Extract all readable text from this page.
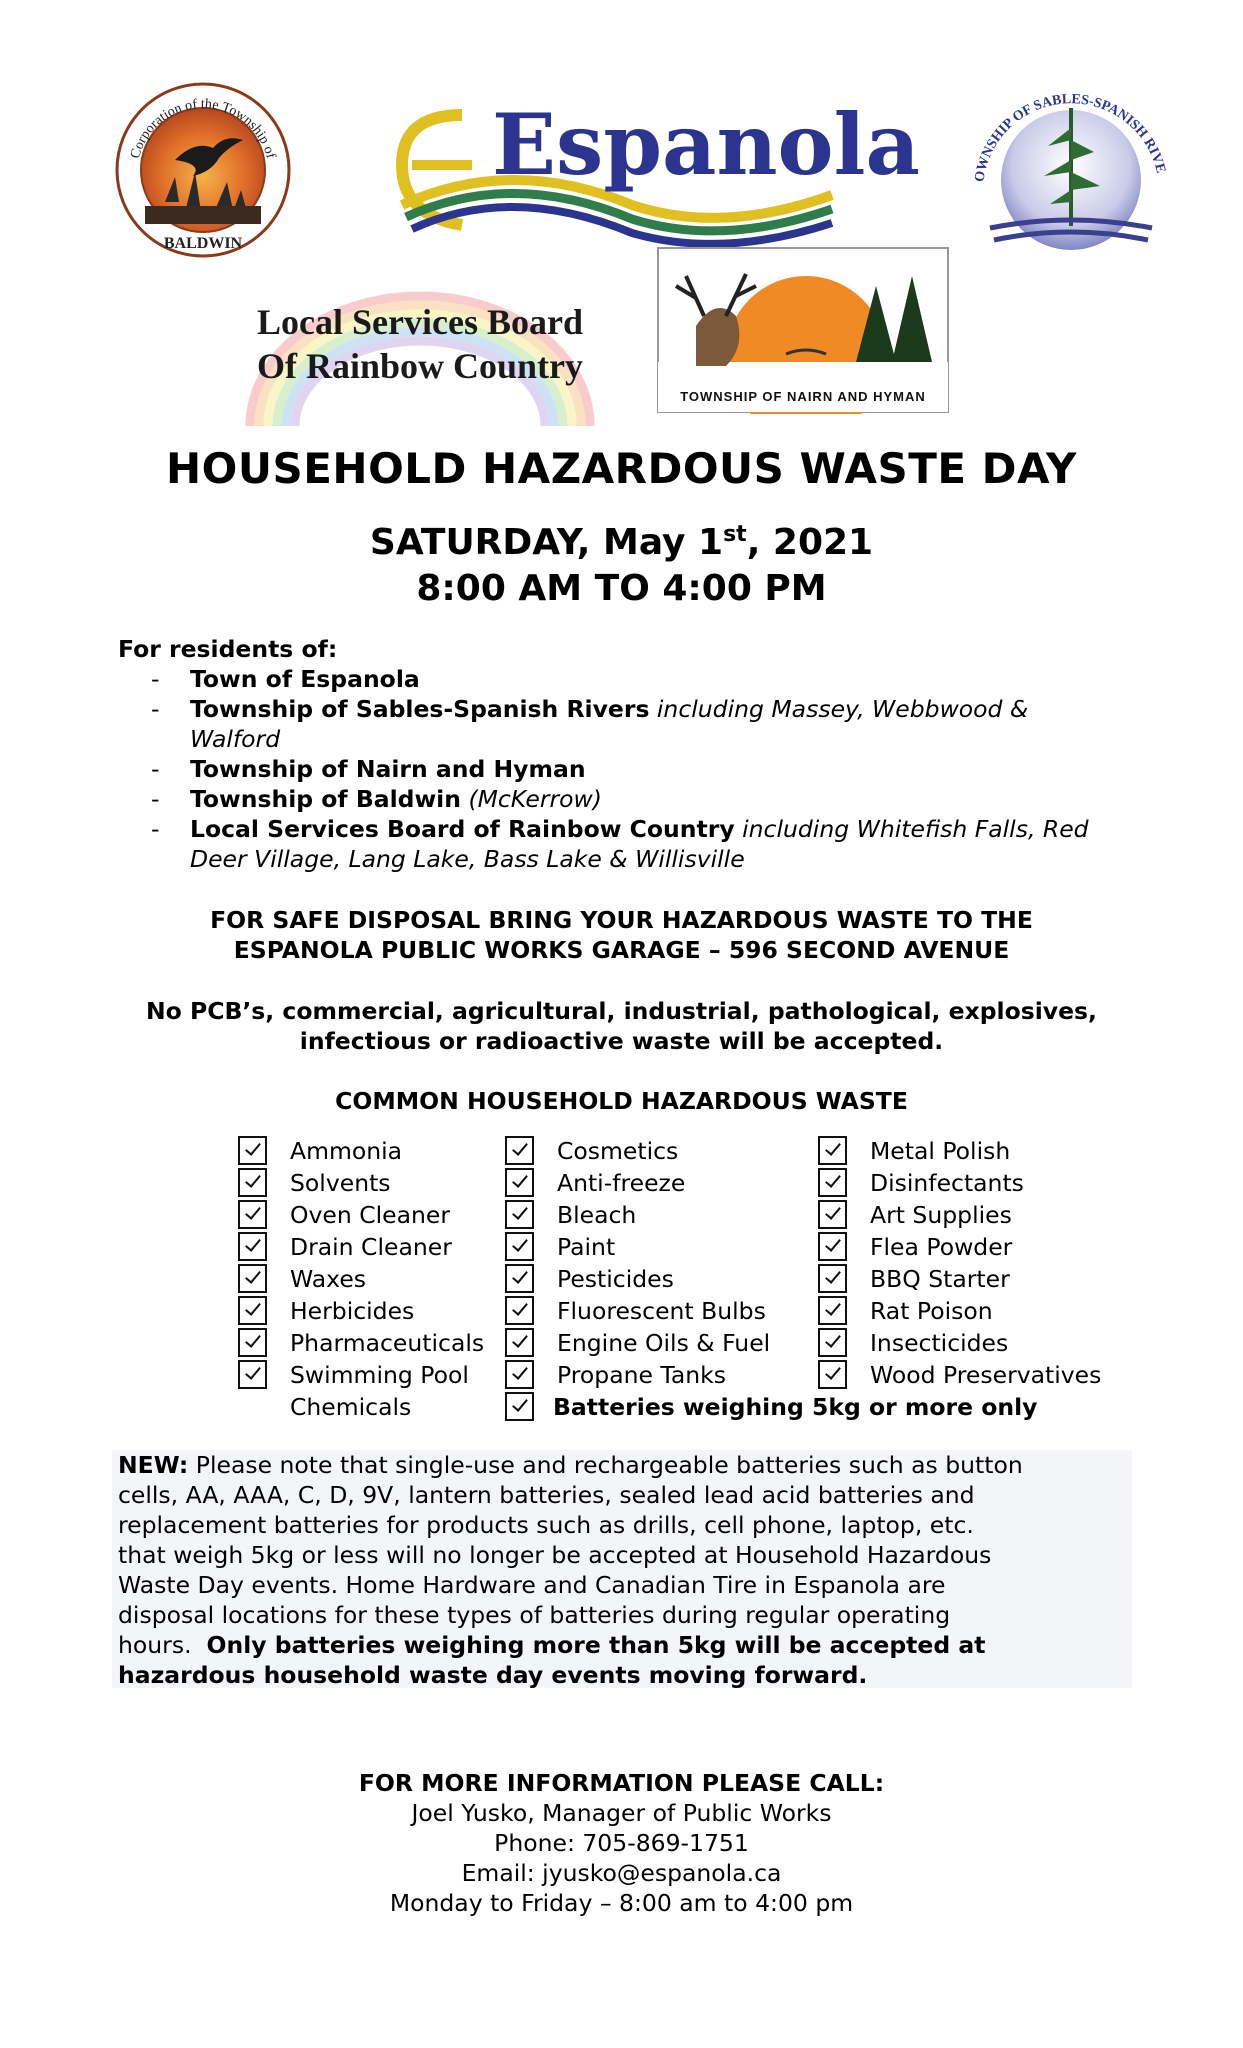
Corporation of the Township of
BALDWIN
Espanola	OWNSHIP OF SABLES-SPANISH RIVE
Local Services Board
Of Rainbow Country
TOWNSHIP OF NAIRN AND HYMAN
HOUSEHOLD HAZARDOUS WASTE DAY
SATURDAY, May 1st, 2021
8:00 AM TO 4:00 PM
For residents of:
- Town of Espanola
- Township of Sables-Spanish Rivers including Massey, Webbwood &
Walford
- Township of Nairn and Hyman
- Township of Baldwin (McKerrow)
- Local Services Board of Rainbow Country including Whitefish Falls, Red
Deer Village, Lang Lake, Bass Lake & Willisville
FOR SAFE DISPOSAL BRING YOUR HAZARDOUS WASTE TO THE
ESPANOLA PUBLIC WORKS GARAGE – 596 SECOND AVENUE
No PCB’s, commercial, agricultural, industrial, pathological, explosives,
infectious or radioactive waste will be accepted.
COMMON HOUSEHOLD HAZARDOUS WASTE
Ammonia
Solvents
Oven Cleaner
Drain Cleaner
Waxes
Herbicides
Pharmaceuticals
Swimming Pool
Chemicals
Cosmetics
Anti-freeze
Bleach
Paint
Pesticides
Fluorescent Bulbs
Engine Oils & Fuel
Propane Tanks
Batteries weighing 5kg or more only
Metal Polish
Disinfectants
Art Supplies
Flea Powder
BBQ Starter
Rat Poison
Insecticides
Wood Preservatives
NEW: Please note that single-use and rechargeable batteries such as button
cells, AA, AAA, C, D, 9V, lantern batteries, sealed lead acid batteries and
replacement batteries for products such as drills, cell phone, laptop, etc.
that weigh 5kg or less will no longer be accepted at Household Hazardous
Waste Day events. Home Hardware and Canadian Tire in Espanola are
disposal locations for these types of batteries during regular operating
hours.  Only batteries weighing more than 5kg will be accepted at
hazardous household waste day events moving forward.
FOR MORE INFORMATION PLEASE CALL:
Joel Yusko, Manager of Public Works
Phone: 705-869-1751
Email: jyusko@espanola.ca
Monday to Friday – 8:00 am to 4:00 pm
